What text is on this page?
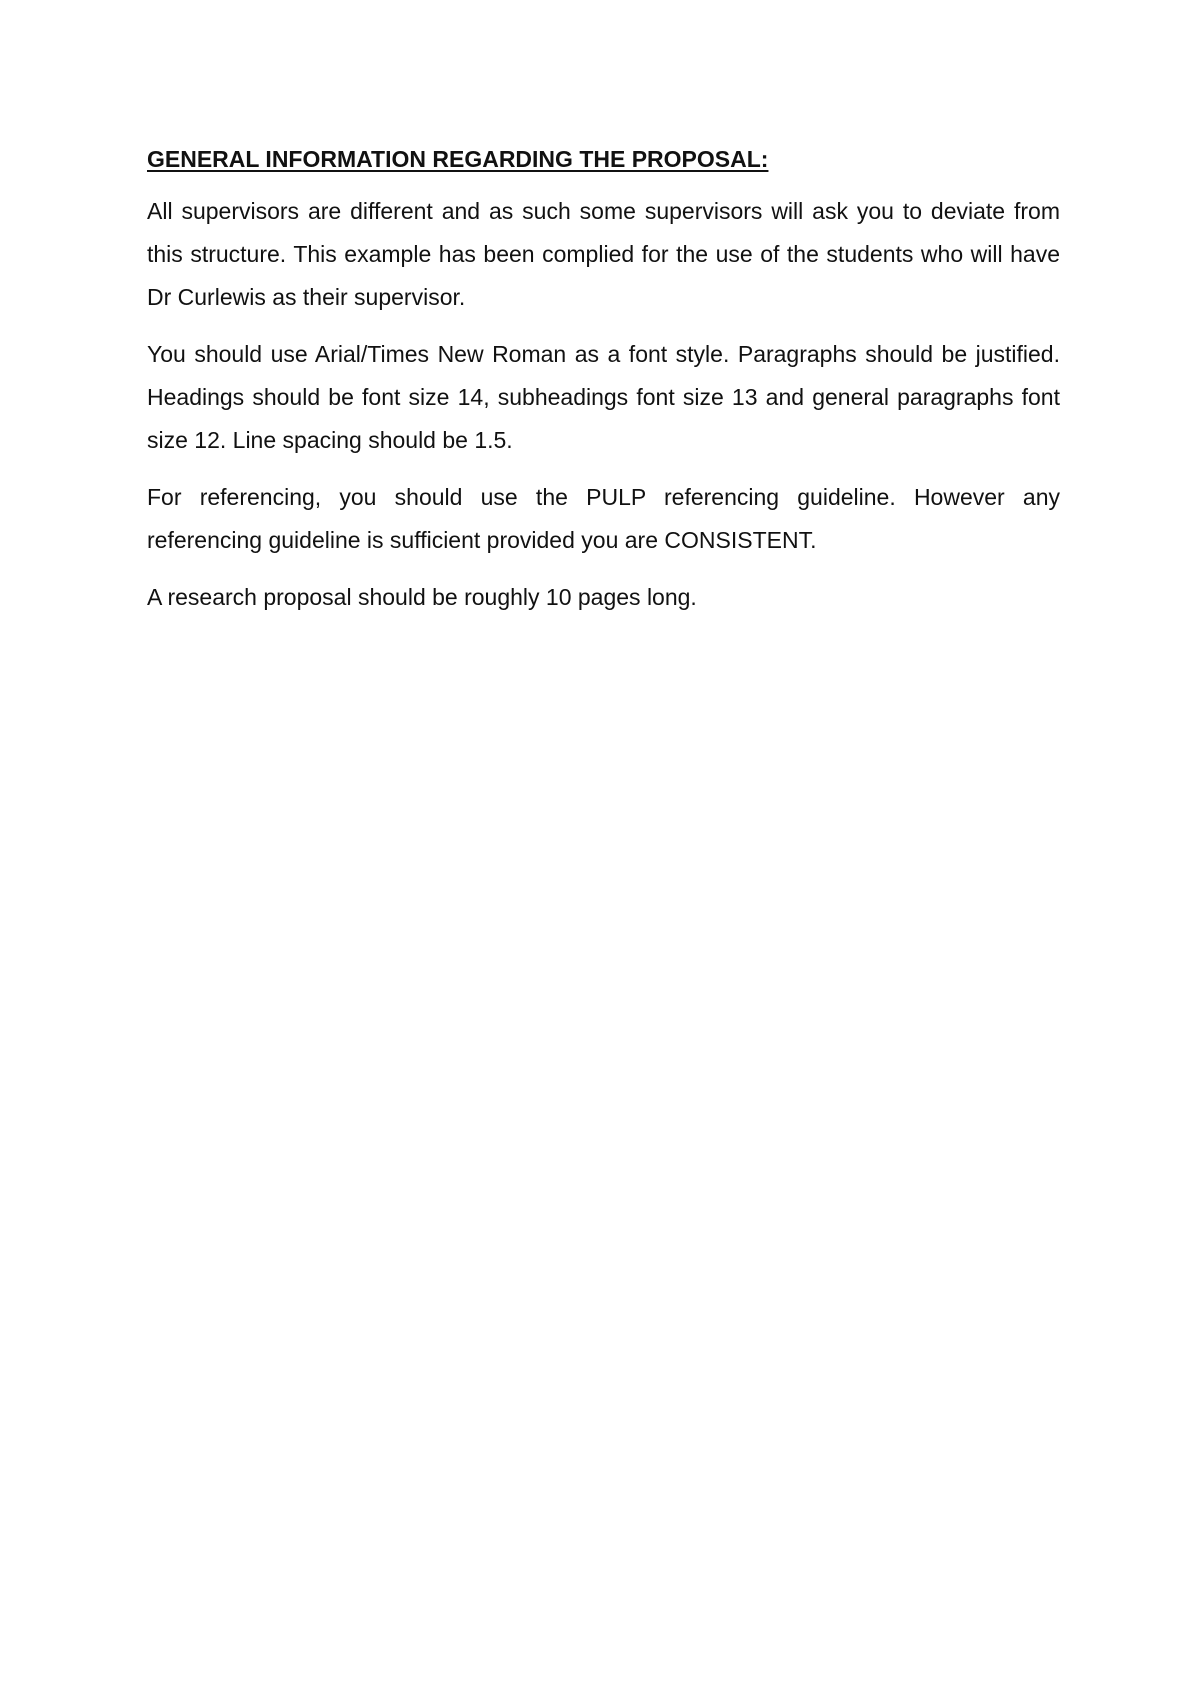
GENERAL INFORMATION REGARDING THE PROPOSAL:

All supervisors are different and as such some supervisors will ask you to deviate from this structure. This example has been complied for the use of the students who will have Dr Curlewis as their supervisor.

You should use Arial/Times New Roman as a font style. Paragraphs should be justified. Headings should be font size 14, subheadings font size 13 and general paragraphs font size 12. Line spacing should be 1.5.

For referencing, you should use the PULP referencing guideline. However any referencing guideline is sufficient provided you are CONSISTENT.

A research proposal should be roughly 10 pages long.
